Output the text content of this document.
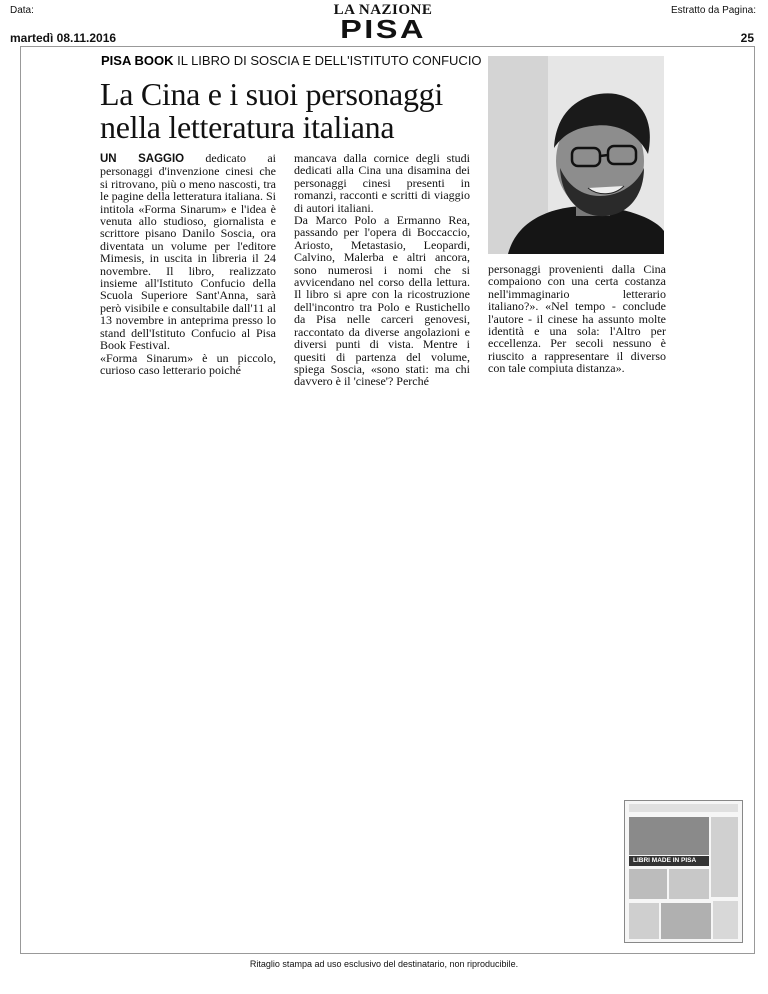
Data:
martedì 08.11.2016
LA NAZIONE
PISA
Estratto da Pagina:
25
PISA BOOK IL LIBRO DI SOSCIA E DELL'ISTITUTO CONFUCIO
La Cina e i suoi personaggi
nella letteratura italiana

UN SAGGIO dedicato ai personaggi d'invenzione cinesi che si ritrovano, più o meno nascosti, tra le pagine della letteratura italiana. Si intitola «Forma Sinarum» e l'idea è venuta allo studioso, giornalista e scrittore pisano Danilo Soscia, ora diventata un volume per l'editore Mimesis, in uscita in libreria il 24 novembre. Il libro, realizzato insieme all'Istituto Confucio della Scuola Superiore Sant'Anna, sarà però visibile e consultabile dall'11 al 13 novembre in anteprima presso lo stand dell'Istituto Confucio al Pisa Book Festival.

«Forma Sinarum» è un piccolo, curioso caso letterario poiché

mancava dalla cornice degli studi dedicati alla Cina una disamina dei personaggi cinesi presenti in romanzi, racconti e scritti di viaggio di autori italiani.

Da Marco Polo a Ermanno Rea, passando per l'opera di Boccaccio, Ariosto, Metastasio, Leopardi, Calvino, Malerba e altri ancora, sono numerosi i nomi che si avvicendano nel corso della lettura. Il libro si apre con la ricostruzione dell'incontro tra Polo e Rustichello da Pisa nelle carceri genovesi, raccontato da diverse angolazioni e diversi punti di vista. Mentre i quesiti di partenza del volume, spiega Soscia, «sono stati: ma chi davvero è il 'cinese'? Perché

personaggi provenienti dalla Cina compaiono con una certa costanza nell'immaginario letterario italiano?». «Nel tempo - conclude l'autore - il cinese ha assunto molte identità e una sola: l'Altro per eccellenza. Per secoli nessuno è riuscito a rappresentare il diverso con tale compiuta distanza».

LIBRI MADE IN PISA
Ritaglio stampa ad uso esclusivo del destinatario, non riproducibile.
